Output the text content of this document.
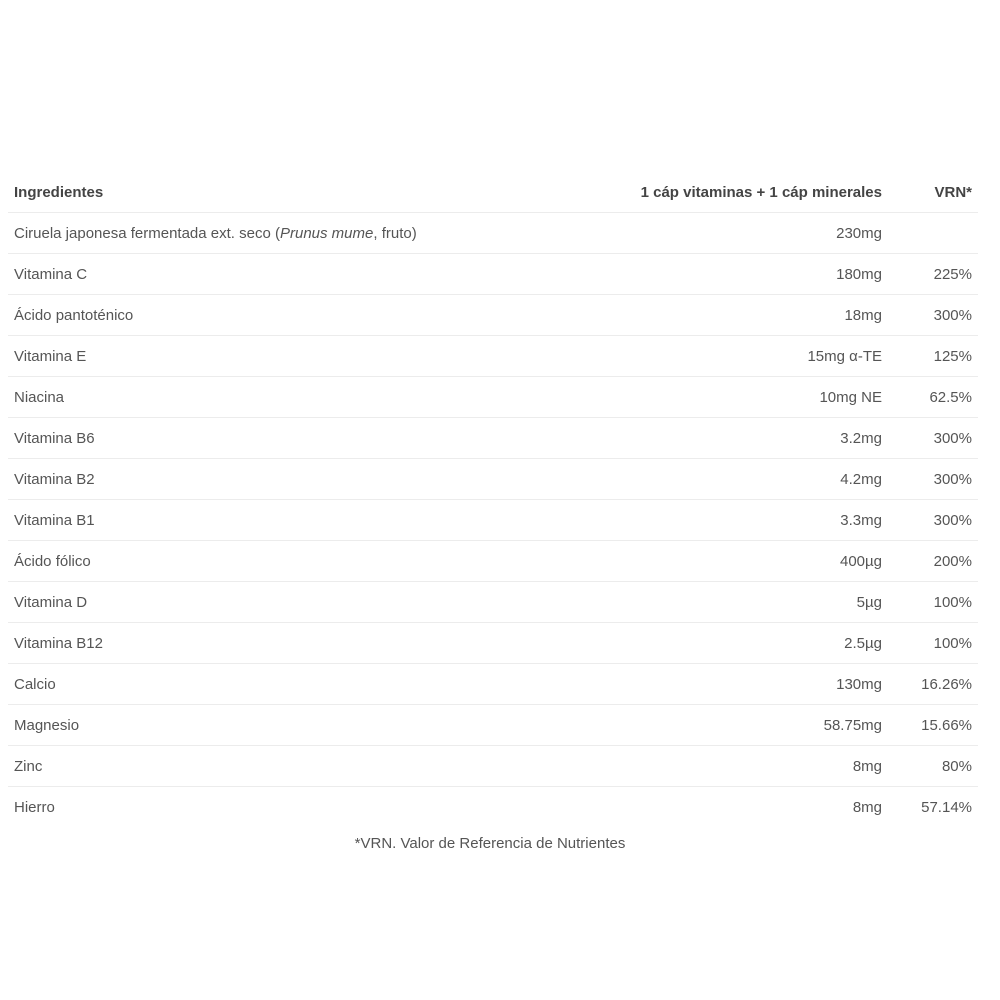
Ingredientes	1 cáp vitaminas + 1 cáp minerales	VRN*
Ciruela japonesa fermentada ext. seco (Prunus mume, fruto)	230mg	
Vitamina C	180mg	225%
Ácido pantoténico	18mg	300%
Vitamina E	15mg α-TE	125%
Niacina	10mg NE	62.5%
Vitamina B6	3.2mg	300%
Vitamina B2	4.2mg	300%
Vitamina B1	3.3mg	300%
Ácido fólico	400µg	200%
Vitamina D	5µg	100%
Vitamina B12	2.5µg	100%
Calcio	130mg	16.26%
Magnesio	58.75mg	15.66%
Zinc	8mg	80%
Hierro	8mg	57.14%
*VRN. Valor de Referencia de Nutrientes
